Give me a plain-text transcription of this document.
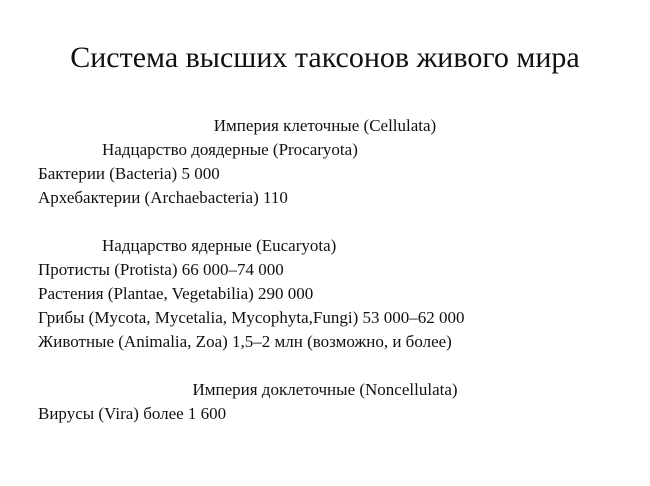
Система высших таксонов живого мира
Империя клеточные (Cellulata)
Надцарство доядерные (Procaryota)
Бактерии (Bacteria) 5 000
Архебактерии (Archaebacteria) 110
Надцарство ядерные (Eucaryota)
Протисты (Protista) 66 000–74 000
Растения (Plantae, Vegetabilia) 290 000
Грибы (Mycota, Mycetalia, Mycophyta,Fungi) 53 000–62 000
Животные (Animalia, Zoa) 1,5–2 млн (возможно, и более)
Империя доклеточные (Noncellulata)
Вирусы (Vira) более 1 600
